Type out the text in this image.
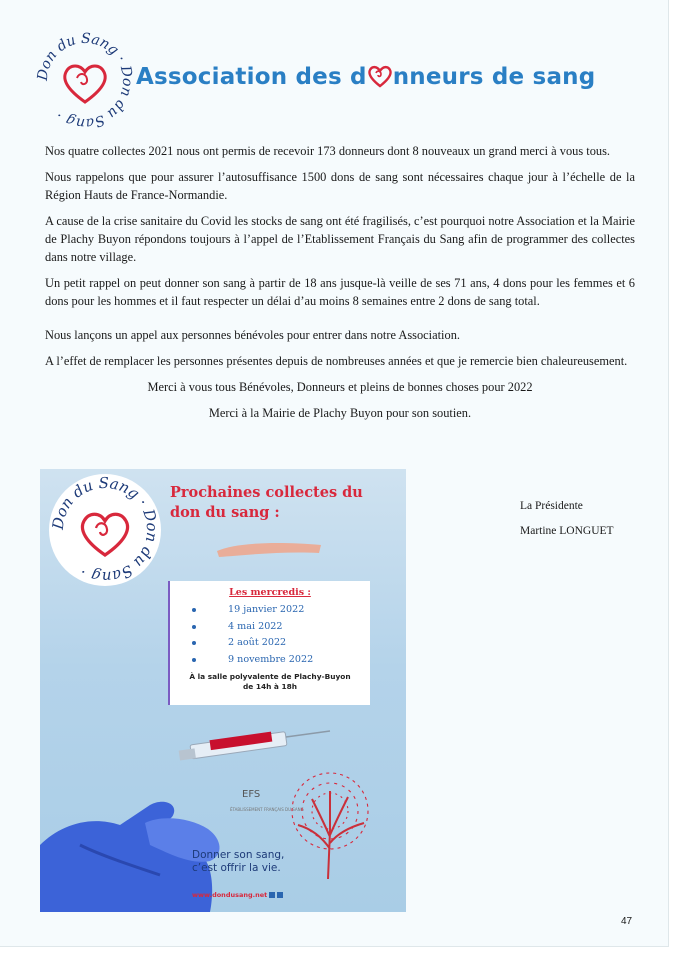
Don du Sang · Don du Sang ·
Association des d nneurs de sang

Nos quatre collectes 2021 nous ont permis de recevoir 173 donneurs dont 8 nouveaux un grand merci à vous tous.

Nous rappelons que pour assurer l’autosuffisance 1500 dons de sang sont nécessaires chaque jour à l’échelle de la Région Hauts de France-Normandie.

A cause de la crise sanitaire du Covid les stocks de sang ont été fragilisés, c’est pourquoi notre Association et la Mairie de Plachy Buyon répondons toujours à l’appel de l’Etablissement Français du Sang afin de programmer des collectes dans notre village.

Un petit rappel on peut donner son sang à partir de 18 ans jusque-là veille de ses 71 ans, 4 dons pour les femmes et 6 dons pour les hommes et il faut respecter un délai d’au moins 8 semaines entre 2 dons de sang total.

Nous lançons un appel aux personnes bénévoles pour entrer dans notre Association.

A l’effet de remplacer les personnes présentes depuis de nombreuses années et que je remercie bien chaleureusement.

Merci à vous tous Bénévoles, Donneurs et pleins de bonnes choses pour 2022

Merci à la Mairie de Plachy Buyon pour son soutien.

Don du Sang · Don du Sang ·
Prochaines collectes du don du sang :

Les mercredis :

19 janvier 2022
4 mai 2022
2 août 2022
9 novembre 2022

À la salle polyvalente de Plachy-Buyon
de 14h à 18h

EFS
ÉTABLISSEMENT FRANÇAIS DU SANG
Donner son sang,
c’est offrir la vie.
www.dondusang.net
La Présidente
Martine LONGUET
47
